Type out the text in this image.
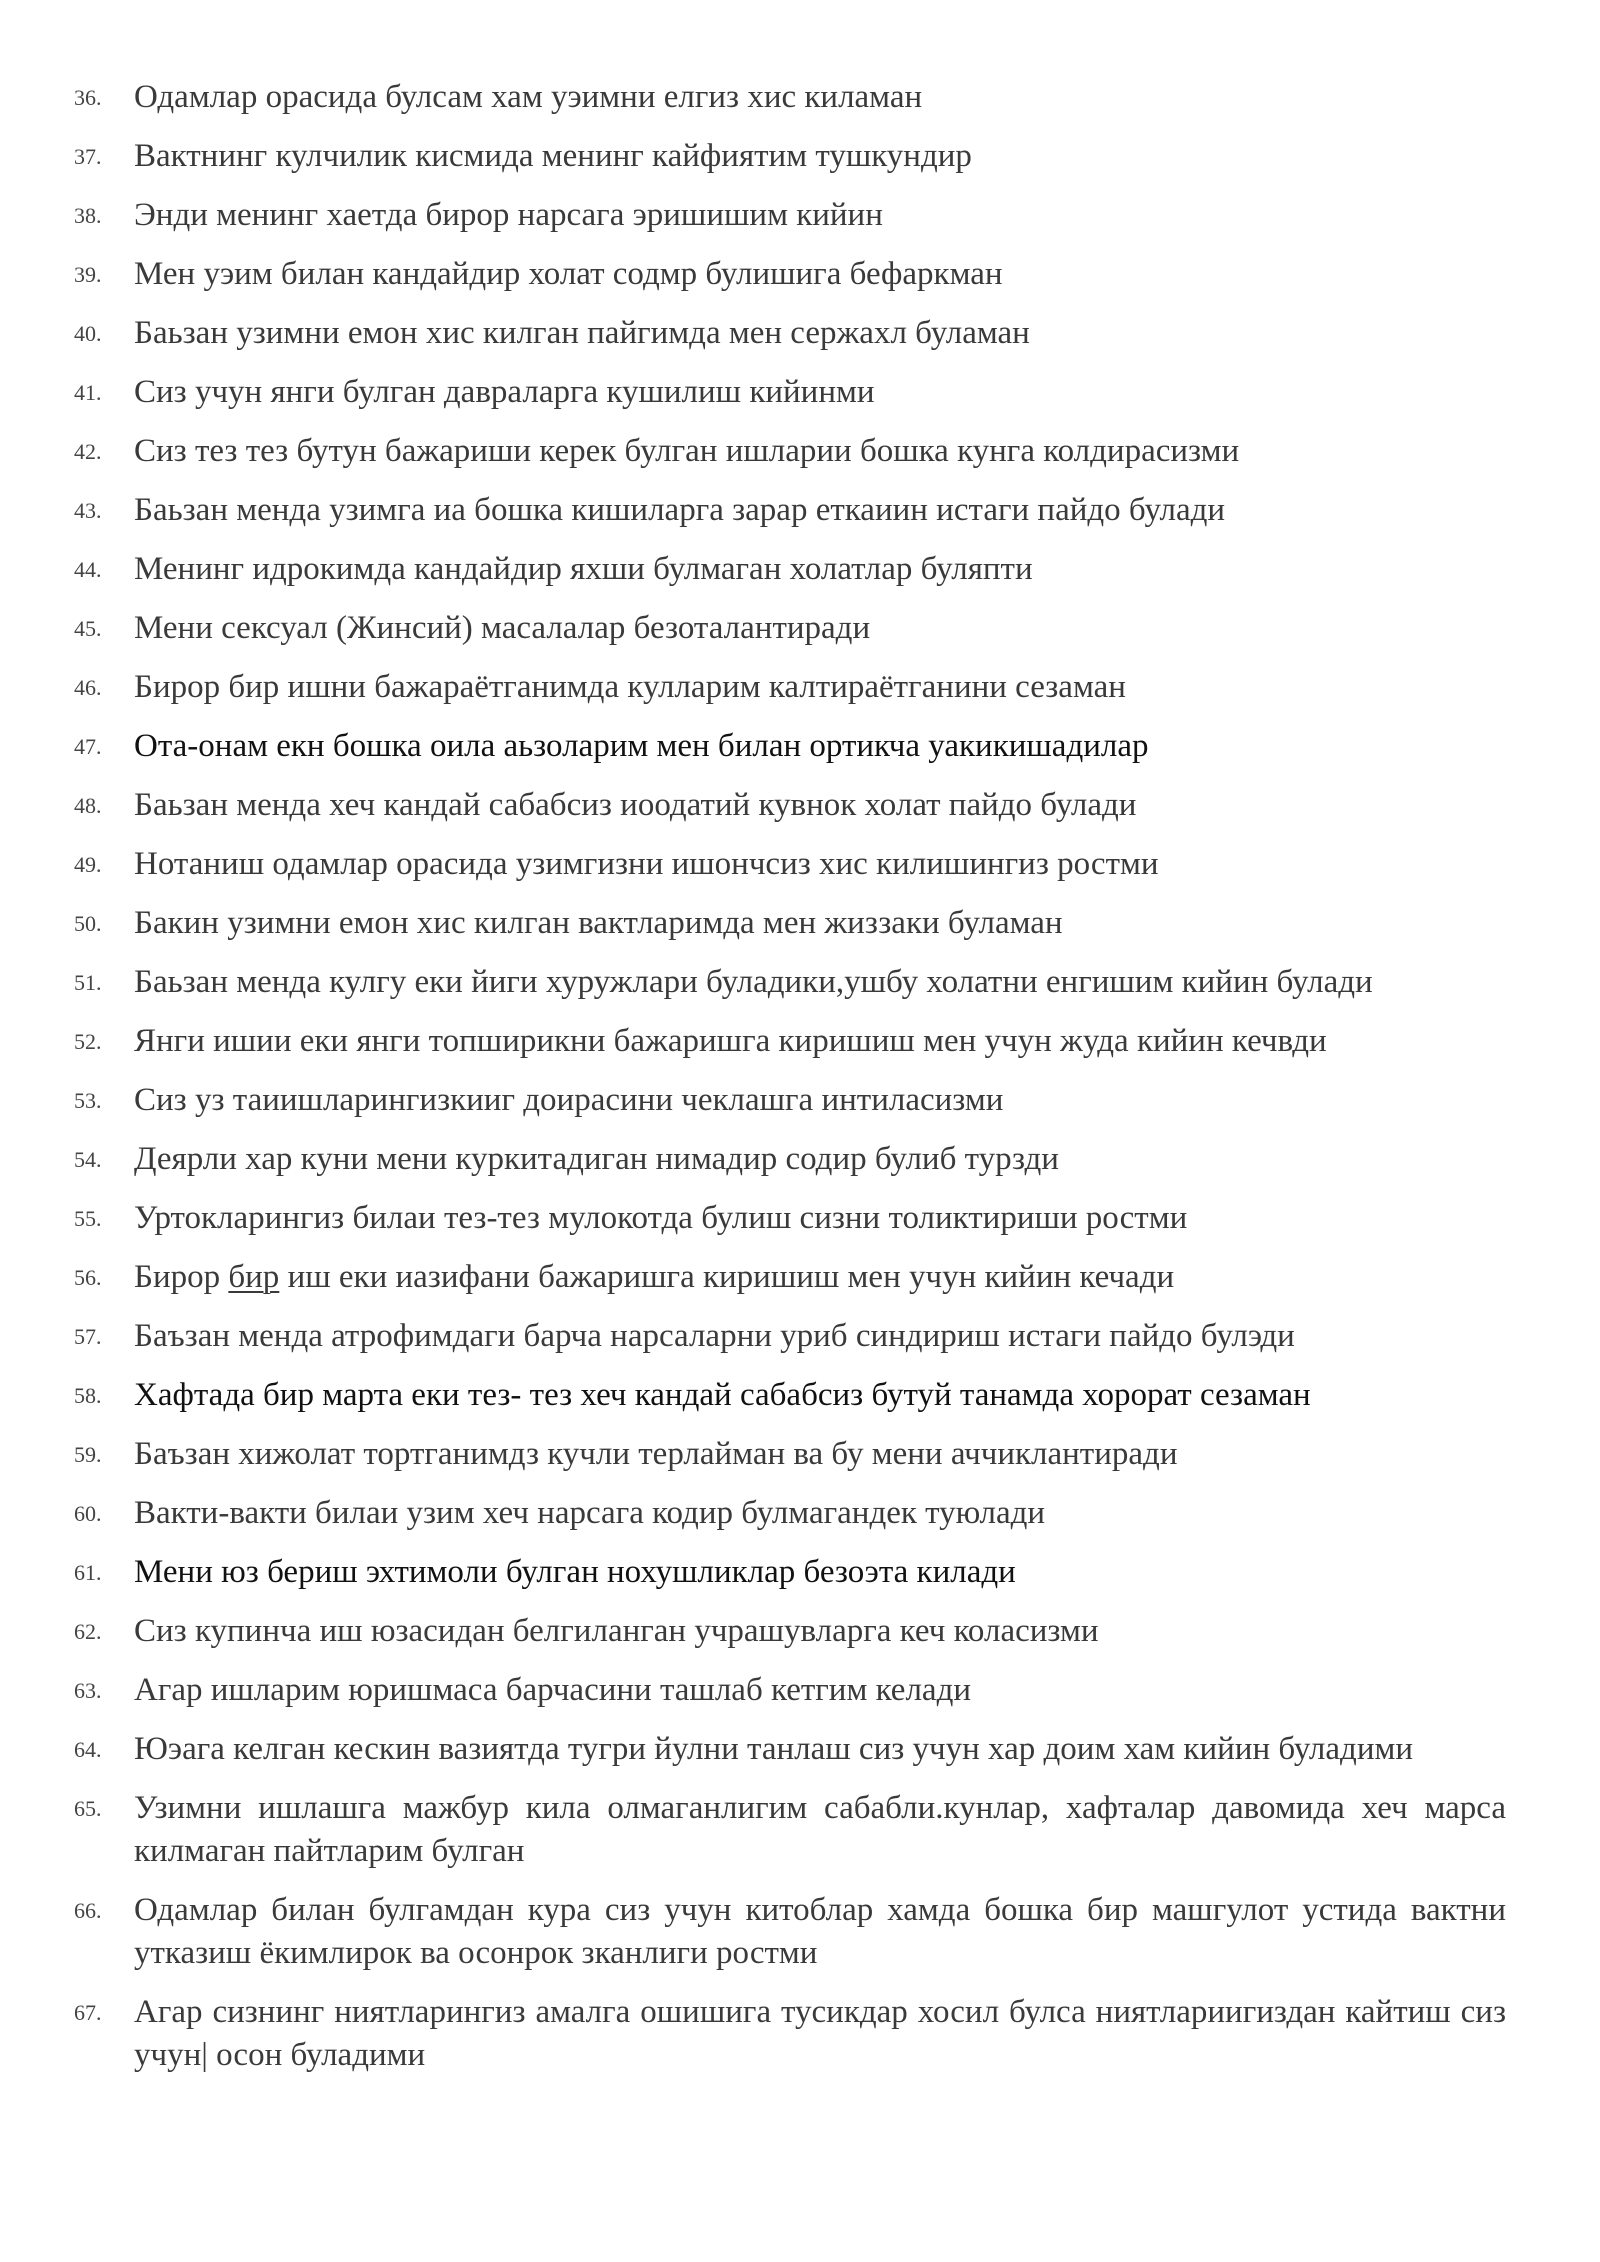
36. Одамлар орасида булсам хам уэимни елгиз хис киламан
37. Вактнинг кулчилик кисмида менинг кайфиятим тушкундир
38. Энди менинг хаетда бирор нарсага эришишим кийин
39. Мен уэим билан кандайдир холат содмр булишига бефаркман
40. Баьзан узимни емон хис килган пайгимда мен сержахл буламан
41. Сиз учун янги булган давраларга кушилиш кийинми
42. Сиз тез тез бутун бажариши керек булган ишларии бошка кунга колдирасизми
43. Баьзан менда узимга иа бошка кишиларга зарар еткаиин истаги пайдо булади
44. Менинг идрокимда кандайдир яхши булмаган холатлар буляпти
45. Мени сексуал (Жинсий) масалалар безоталантиради
46. Бирор бир ишни бажараётганимда кулларим калтираётганини сезаман
47. Ота-онам екн бошка оила аьзоларим мен билан ортикча уакикишадилар
48. Баьзан менда хеч кандай сабабсиз иоодатий кувнок холат пайдо булади
49. Нотаниш одамлар орасида узимгизни ишончсиз хис килишингиз ростми
50. Бакин узимни емон хис килган вактларимда мен жиззаки буламан
51. Баьзан менда кулгу еки йиги хуружлари буладики,ушбу холатни енгишим кийин булади
52. Янги ишии еки янги топширикни бажаришга киришиш мен учун жуда кийин кечвди
53. Сиз уз таиишларингизкииг доирасини чеклашга интиласизми
54. Деярли хар куни мени куркитадиган нимадир содир булиб турзди
55. Уртокларингиз билаи тез-тез мулокотда булиш сизни толиктириши ростми
56. Бирор бир иш еки иазифани бажаришга киришиш мен учун кийин кечади
57. Баъзан менда атрофимдаги барча нарсаларни уриб синдириш истаги пайдо булэди
58. Хафтада бир марта еки тез- тез хеч кандай сабабсиз бутуй танамда хорорат сезаман
59. Баъзан хижолат тортганимдз кучли терлайман ва бу мени аччиклантиради
60. Вакти-вакти билаи узим хеч нарсага кодир булмагандек туюлади
61. Мени юз бериш эхтимоли булган нохушликлар безоэта килади
62. Сиз купинча иш юзасидан белгиланган учрашувларга кеч коласизми
63. Агар ишларим юришмаса барчасини ташлаб кетгим келади
64. Юэага келган кескин вазиятда тугри йулни танлаш сиз учун хар доим хам кийин буладими
65. Узимни ишлашга мажбур кила олмаганлигим сабабли.кунлар, хафталар давомида хеч марса килмаган пайтларим булган
66. Одамлар билан булгамдан кура сиз учун китоблар хамда бошка бир машгулот устида вактни утказиш ёкимлирок ва осонрок зканлиги ростми
67. Агар сизнинг ниятларингиз амалга ошишига тусикдар хосил булса ниятлариигиздан кайтиш сиз учун| осон буладими
